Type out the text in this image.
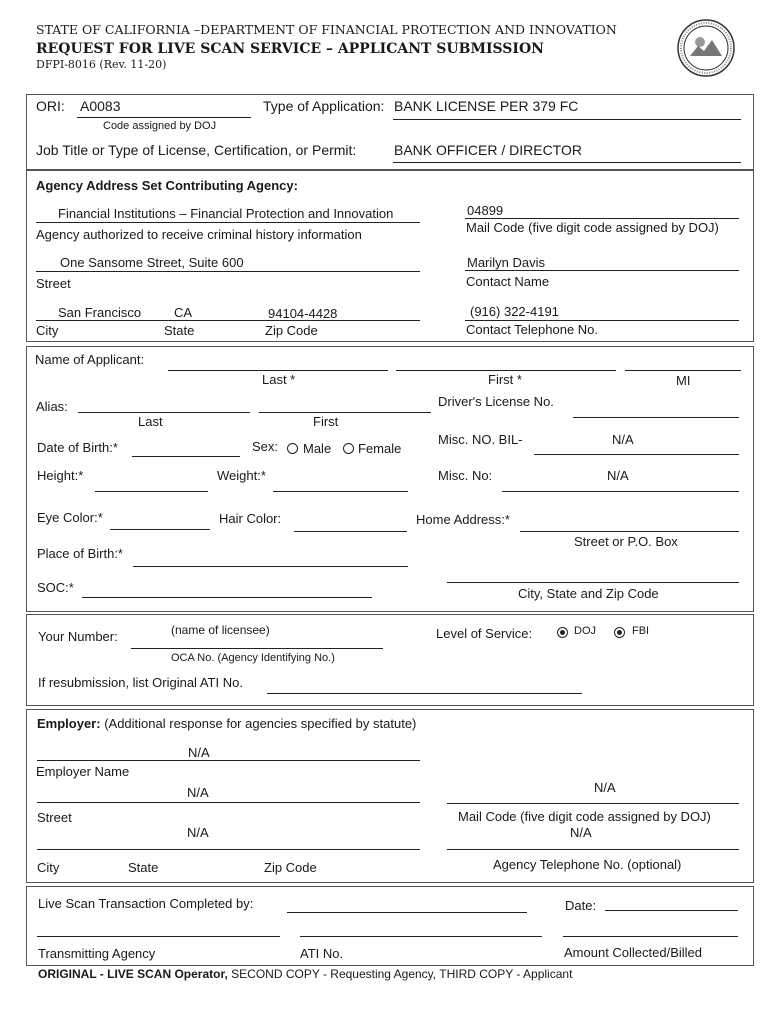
STATE OF CALIFORNIA –DEPARTMENT OF FINANCIAL PROTECTION AND INNOVATION
REQUEST FOR LIVE SCAN SERVICE – APPLICANT SUBMISSION
DFPI-8016 (Rev. 11-20)
ORI: A0083
Code assigned by DOJ
Type of Application: BANK LICENSE PER 379 FC
Job Title or Type of License, Certification, or Permit:	BANK OFFICER / DIRECTOR
Agency Address Set Contributing Agency:
Financial Institutions – Financial Protection and Innovation
Agency authorized to receive criminal history information
04899
Mail Code (five digit code assigned by DOJ)
One Sansome Street, Suite 600
Street
Marilyn Davis
Contact Name
San Francisco	CA	94104-4428
City	State	Zip Code
(916) 322-4191
Contact Telephone No.
Name of Applicant:
Last *	First *	MI
Alias:
Last	First
Driver's License No.
Date of Birth:*	Sex: Male Female
Misc. NO. BIL-	N/A
Height:*	Weight:*	Misc. No:	N/A
Eye Color:*	Hair Color:	Home Address:*
Street or P.O. Box
Place of Birth:*
SOC:*	City, State and Zip Code
Your Number:	(name of licensee)
OCA No. (Agency Identifying No.)
Level of Service:	DOJ	FBI
If resubmission, list Original ATI No.
Employer: (Additional response for agencies specified by statute)
N/A
Employer Name
N/A
Street
N/A
Mail Code (five digit code assigned by DOJ)
N/A
City	State	Zip Code
N/A
Agency Telephone No. (optional)
Live Scan Transaction Completed by:	Date:
Transmitting Agency	ATI No.	Amount Collected/Billed
ORIGINAL - LIVE SCAN Operator, SECOND COPY - Requesting Agency, THIRD COPY - Applicant
